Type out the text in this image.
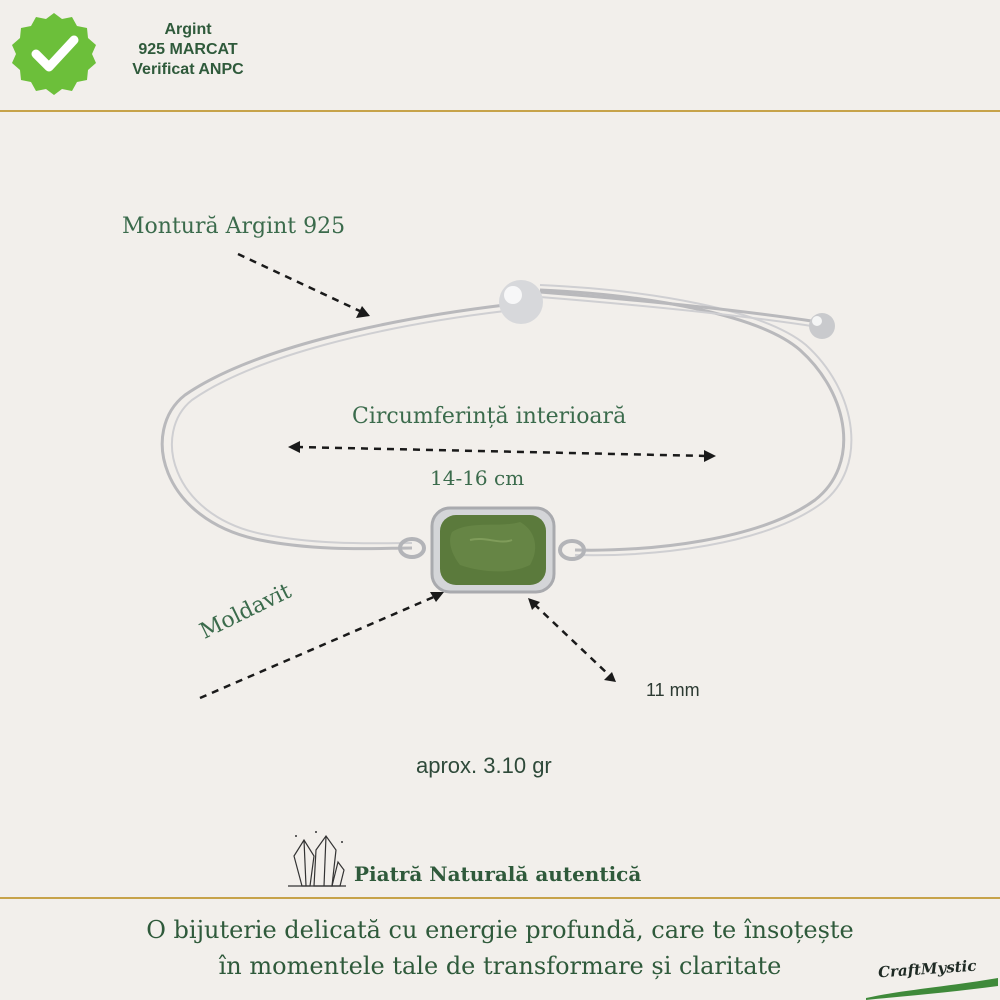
Argint
925 MARCAT
Verificat ANPC
Montură Argint 925
Circumferință interioară
14-16 cm
Moldavit
11 mm
aprox. 3.10 gr
Piatră Naturală autentică
O bijuterie delicată cu energie profundă, care te însoțește
în momentele tale de transformare și claritate	CraftMystic
